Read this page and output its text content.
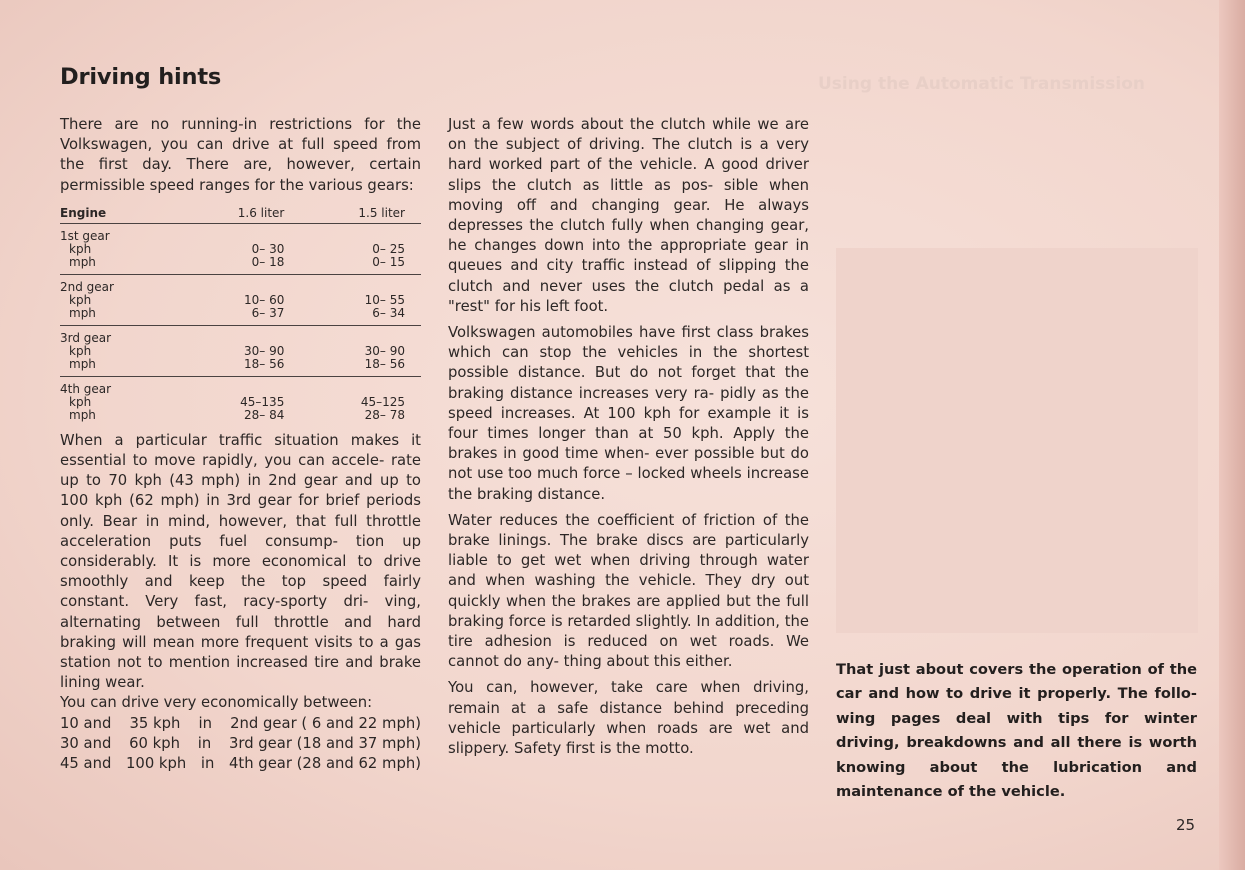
Using the Automatic Transmission
Driving hints

There are no running-in restrictions for the Volkswagen, you can drive at full speed from the first day. There are, however, certain permissible speed ranges for the various gears:

Engine	1.6 liter	1.5 liter
1st gear		
kph	0– 30	0– 25
mph	0– 18	0– 15
2nd gear		
kph	10– 60	10– 55
mph	6– 37	6– 34
3rd gear		
kph	30– 90	30– 90
mph	18– 56	18– 56
4th gear		
kph	45–135	45–125
mph	28– 84	28– 78

When a particular traffic situation makes it essential to move rapidly, you can accele- rate up to 70 kph (43 mph) in 2nd gear and up to 100 kph (62 mph) in 3rd gear for brief periods only. Bear in mind, however, that full throttle acceleration puts fuel consump- tion up considerably. It is more economical to drive smoothly and keep the top speed fairly constant. Very fast, racy-sporty dri- ving, alternating between full throttle and hard braking will mean more frequent visits to a gas station not to mention increased tire and brake lining wear.

You can drive very economically between:

10 and 35 kph in 2nd gear ( 6 and 22 mph)
30 and 60 kph in 3rd gear (18 and 37 mph)
45 and 100 kph in 4th gear (28 and 62 mph)

Just a few words about the clutch while we are on the subject of driving. The clutch is a very hard worked part of the vehicle. A good driver slips the clutch as little as pos- sible when moving off and changing gear. He always depresses the clutch fully when changing gear, he changes down into the appropriate gear in queues and city traffic instead of slipping the clutch and never uses the clutch pedal as a "rest" for his left foot.

Volkswagen automobiles have first class brakes which can stop the vehicles in the shortest possible distance. But do not forget that the braking distance increases very ra- pidly as the speed increases. At 100 kph for example it is four times longer than at 50 kph. Apply the brakes in good time when- ever possible but do not use too much force – locked wheels increase the braking distance.

Water reduces the coefficient of friction of the brake linings. The brake discs are particularly liable to get wet when driving through water and when washing the vehicle. They dry out quickly when the brakes are applied but the full braking force is retarded slightly. In addition, the tire adhesion is reduced on wet roads. We cannot do any- thing about this either.

You can, however, take care when driving, remain at a safe distance behind preceding vehicle particularly when roads are wet and slippery. Safety first is the motto.

That just about covers the operation of the car and how to drive it properly. The follo- wing pages deal with tips for winter driving, breakdowns and all there is worth knowing about the lubrication and maintenance of the vehicle.

25
